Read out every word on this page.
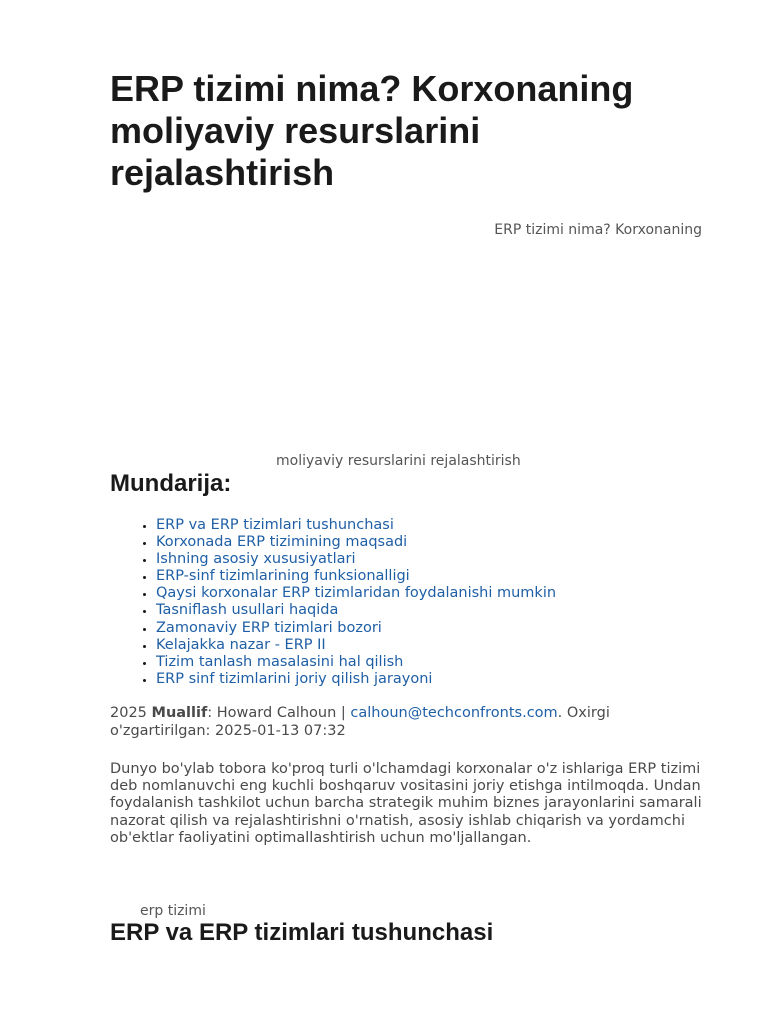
ERP tizimi nima? Korxonaning moliyaviy resurslarini rejalashtirish
ERP tizimi nima? Korxonaning
moliyaviy resurslarini rejalashtirish
Mundarija:
• ERP va ERP tizimlari tushunchasi
• Korxonada ERP tizimining maqsadi
• Ishning asosiy xususiyatlari
• ERP-sinf tizimlarining funksionalligi
• Qaysi korxonalar ERP tizimlaridan foydalanishi mumkin
• Tasniflash usullari haqida
• Zamonaviy ERP tizimlari bozori
• Kelajakka nazar - ERP II
• Tizim tanlash masalasini hal qilish
• ERP sinf tizimlarini joriy qilish jarayoni

2025 Muallif: Howard Calhoun | calhoun@techconfronts.com. Oxirgi o'zgartirilgan: 2025-01-13 07:32

Dunyo bo'ylab tobora ko'proq turli o'lchamdagi korxonalar o'z ishlariga ERP tizimi deb nomlanuvchi eng kuchli boshqaruv vositasini joriy etishga intilmoqda. Undan foydalanish tashkilot uchun barcha strategik muhim biznes jarayonlarini samarali nazorat qilish va rejalashtirishni o'rnatish, asosiy ishlab chiqarish va yordamchi ob'ektlar faoliyatini optimallashtirish uchun mo'ljallangan.

erp tizimi
ERP va ERP tizimlari tushunchasi
